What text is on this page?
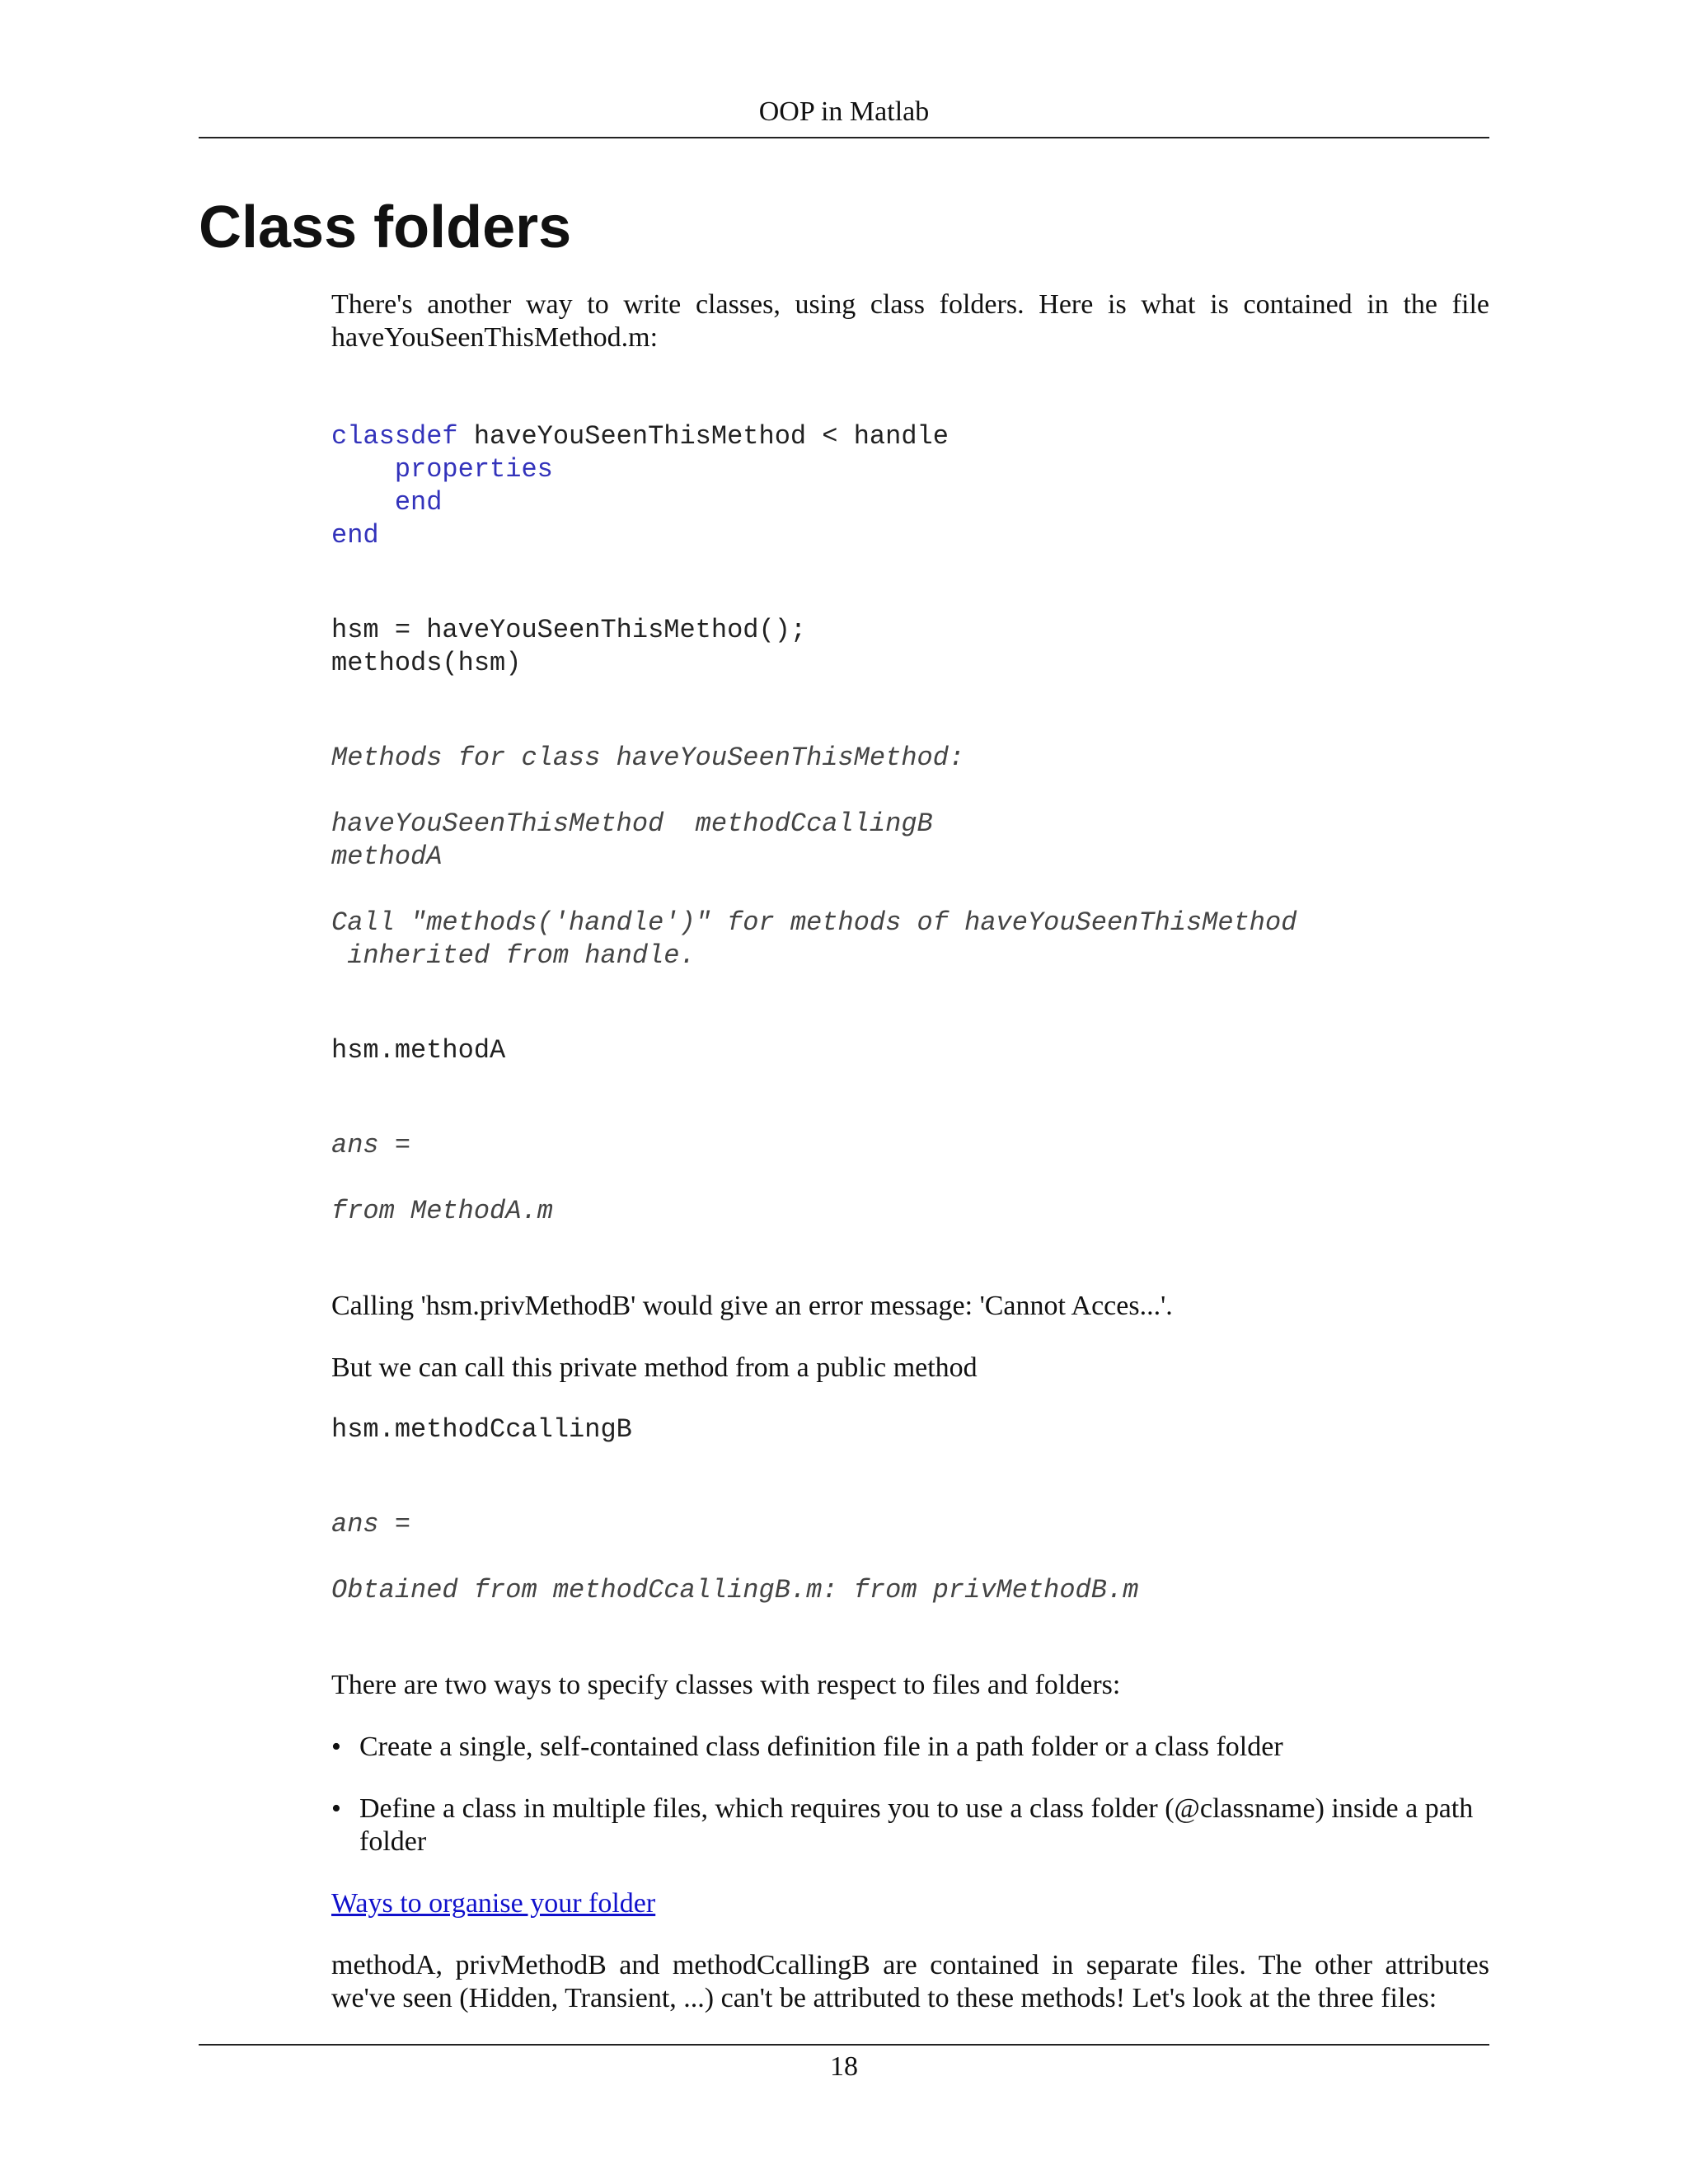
OOP in Matlab
Class folders

There's another way to write classes, using class folders. Here is what is contained in the file haveYouSeenThisMethod.m:

classdef haveYouSeenThisMethod < handle
properties
end
end
hsm = haveYouSeenThisMethod();
methods(hsm)
Methods for class haveYouSeenThisMethod:
haveYouSeenThisMethod  methodCcallingB
methodA
Call "methods('handle')" for methods of haveYouSeenThisMethod
inherited from handle.
hsm.methodA
ans =
from MethodA.m

Calling 'hsm.privMethodB' would give an error message: 'Cannot Acces...'.

But we can call this private method from a public method

hsm.methodCcallingB
ans =
Obtained from methodCcallingB.m: from privMethodB.m

There are two ways to specify classes with respect to files and folders:

• Create a single, self-contained class definition file in a path folder or a class folder
• Define a class in multiple files, which requires you to use a class folder (@classname) inside a path folder

Ways to organise your folder

methodA, privMethodB and methodCcallingB are contained in separate files. The other attributes we've seen (Hidden, Transient, ...) can't be attributed to these methods! Let's look at the three files:

18
